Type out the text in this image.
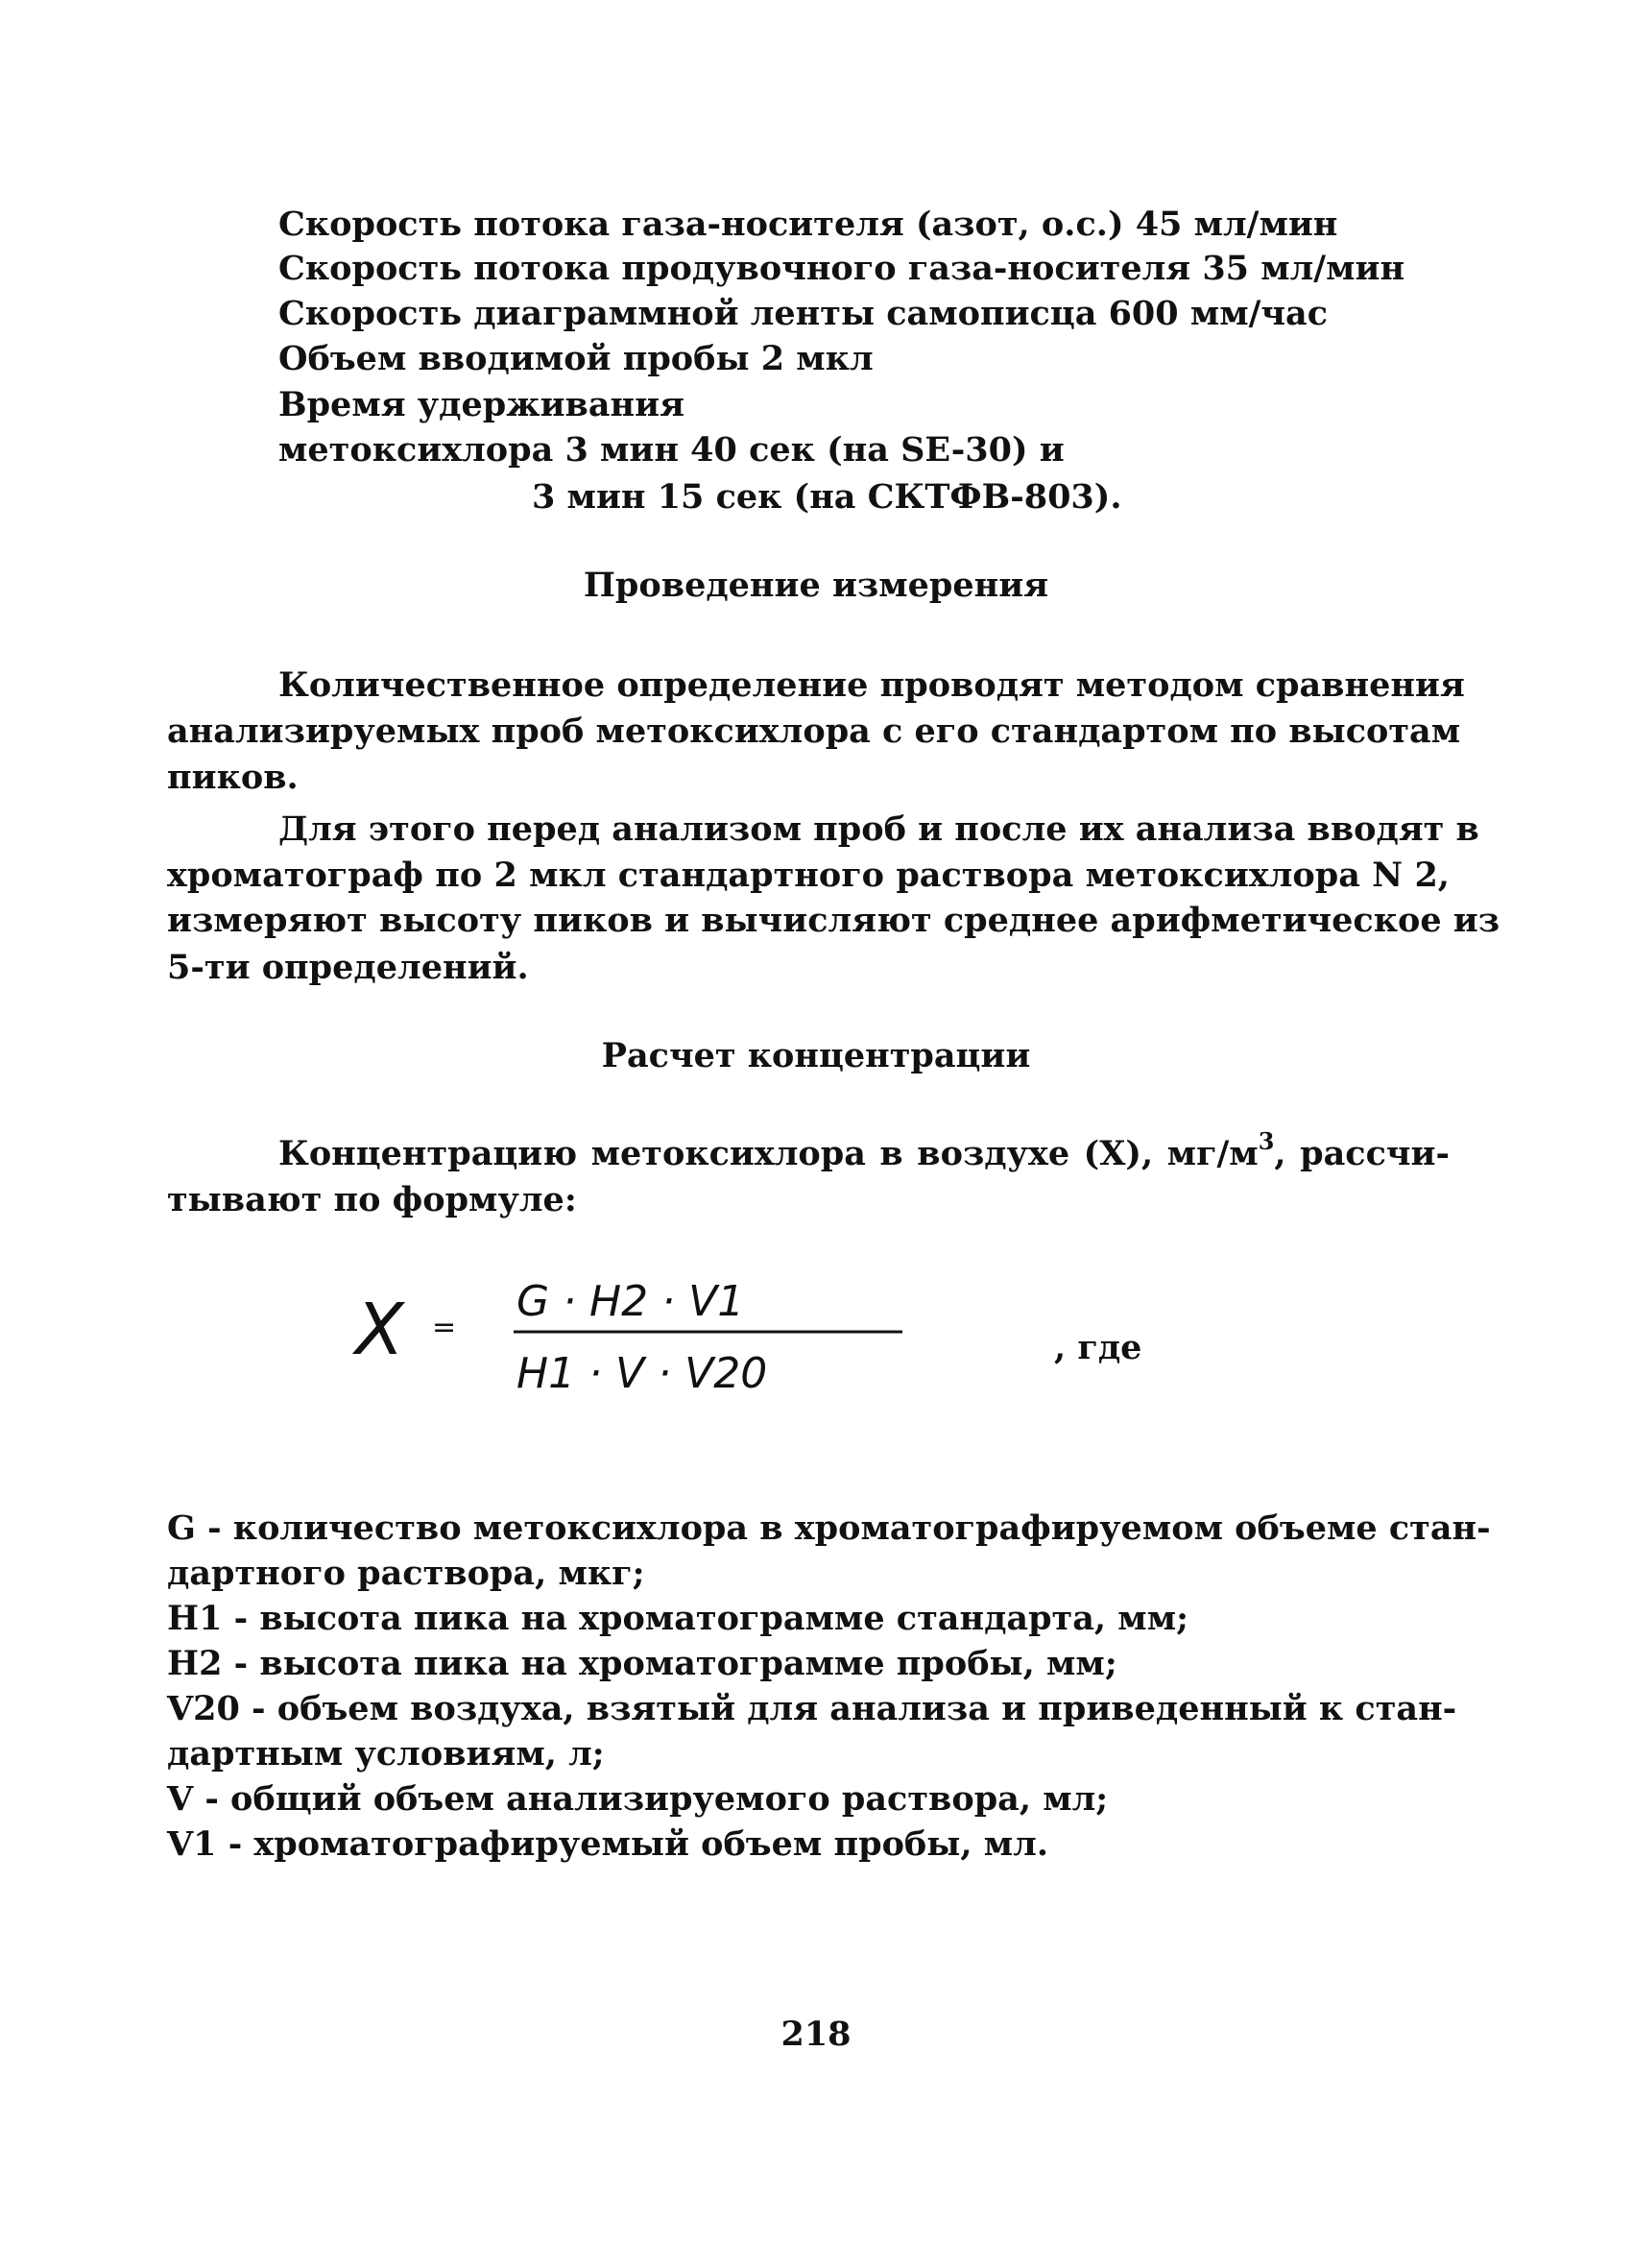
Скорость потока газа-носителя (азот, о.с.) 45 мл/мин
Скорость потока продувочного газа-носителя 35 мл/мин
Скорость диаграммной ленты самописца 600 мм/час
Объем вводимой пробы 2 мкл
Время удерживания
метоксихлора 3 мин 40 сек (на SE-30) и
3 мин 15 сек (на СКТФВ-803).
Проведение измерения
Количественное определение проводят методом сравнения
анализируемых проб метоксихлора с его стандартом по высотам
пиков.
Для этого перед анализом проб и после их анализа вводят в
хроматограф по 2 мкл стандартного раствора метоксихлора N 2,
измеряют высоту пиков и вычисляют среднее арифметическое из
5-ти определений.
Расчет концентрации
Концентрацию метоксихлора в воздухе (X), $мг/м^3$, рассчи-
тывают по формуле:
X =
G · H2 · V1
H1 · V · V20
, где
G - количество метоксихлора в хроматографируемом объеме стан-
дартного раствора, мкг;
Н1 - высота пика на хроматограмме стандарта, мм;
Н2 - высота пика на хроматограмме пробы, мм;
V20 - объем воздуха, взятый для анализа и приведенный к стан-
дартным условиям, л;
V - общий объем анализируемого раствора, мл;
V1 - хроматографируемый объем пробы, мл.
218
